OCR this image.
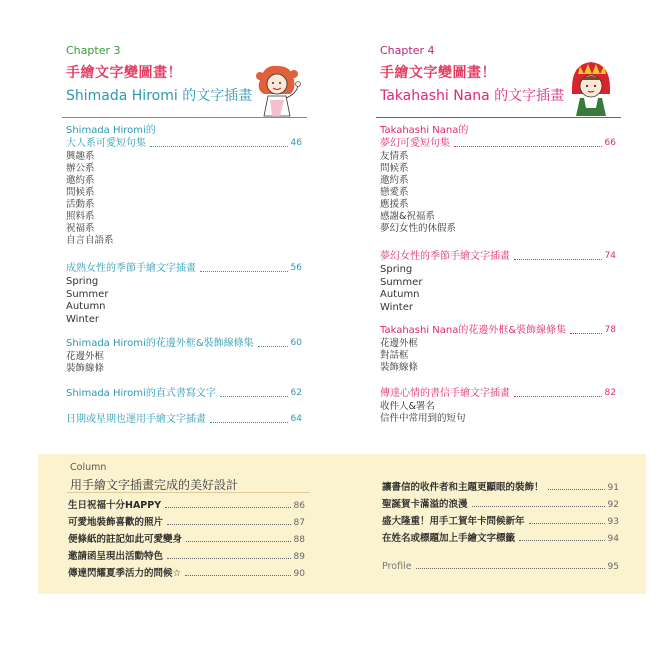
Chapter 3
手繪文字變圖畫！
Shimada Hiromi 的文字插畫
Shimada Hiromi的
大人系可愛短句集	46
興趣系
辦公系
邀約系
問候系
活動系
照料系
祝福系
自言自語系
成熟女性的季節手繪文字插畫	56
Spring
Summer
Autumn
Winter
Shimada Hiromi的花邊外框&裝飾線條集	60
花邊外框
裝飾線條
Shimada Hiromi的直式書寫文字	62
日期或星期也運用手繪文字插畫	64
Chapter 4
手繪文字變圖畫！
Takahashi Nana 的文字插畫
Takahashi Nana的
夢幻可愛短句集	66
友情系
問候系
邀約系
戀愛系
應援系
感謝&祝福系
夢幻女性的休假系
夢幻女性的季節手繪文字插畫	74
Spring
Summer
Autumn
Winter
Takahashi Nana的花邊外框&裝飾線條集	78
花邊外框
對話框
裝飾線條
傳達心情的書信手繪文字插畫	82
收件人&署名
信件中常用到的短句
Column
用手繪文字插畫完成的美好設計
生日祝福十分HAPPY	86
可愛地裝飾喜歡的照片	87
便條紙的註記如此可愛變身	88
邀請函呈現出活動特色	89
傳達閃耀夏季活力的問候☆	90
讓書信的收件者和主題更顯眼的裝飾！	91
聖誕賀卡滿溢的浪漫	92
盛大隆重！用手工賀年卡問候新年	93
在姓名或標題加上手繪文字標籤	94
Profile	95
